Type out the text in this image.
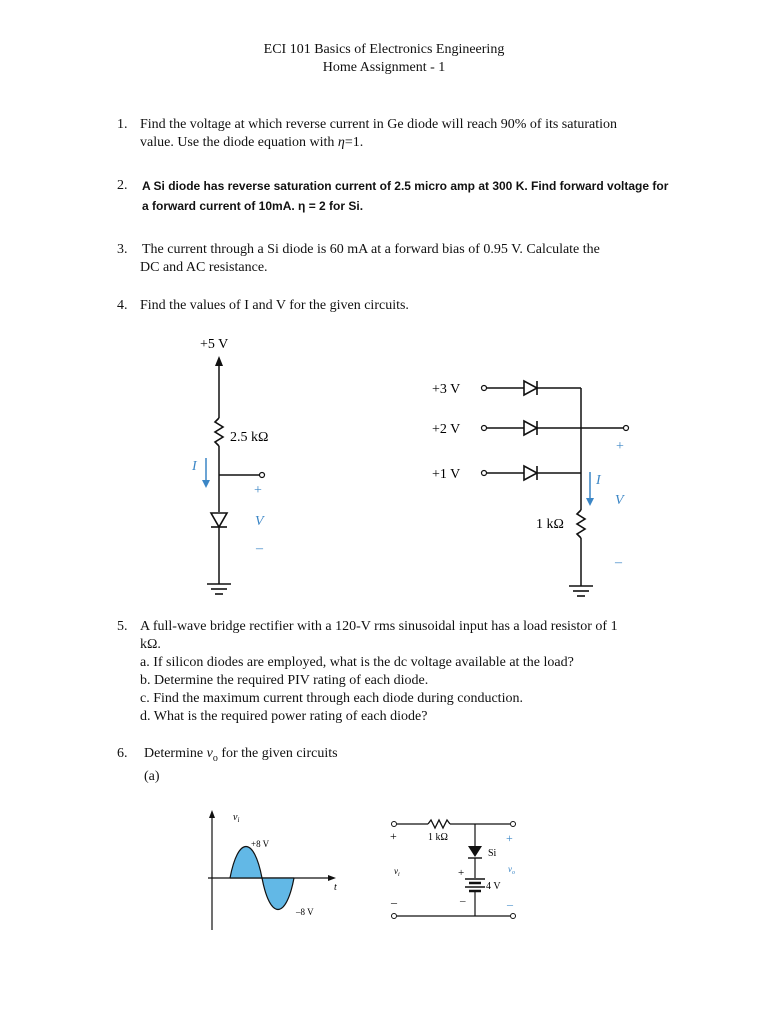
ECI 101 Basics of Electronics Engineering
Home Assignment - 1
1. Find the voltage at which reverse current in Ge diode will reach 90% of its saturation
value. Use the diode equation with η=1.
2. A Si diode has reverse saturation current of 2.5 micro amp at 300 K. Find forward voltage for
a forward current of 10mA. η = 2 for Si.
3. The current through a Si diode is 60 mA at a forward bias of 0.95 V. Calculate the
DC and AC resistance.
4. Find the values of I and V for the given circuits.
+5 V
2.5 kΩ
I
+
V
–
+3 V
+2 V
+1 V
+
I
V
–
1 kΩ
5. A full-wave bridge rectifier with a 120-V rms sinusoidal input has a load resistor of 1
kΩ.
a. If silicon diodes are employed, what is the dc voltage available at the load?
b. Determine the required PIV rating of each diode.
c. Find the maximum current through each diode during conduction.
d. What is the required power rating of each diode?
6. Determine $v_o$ for the given circuits
(a)
$v_i$
t
+8 V
–8 V
1 kΩ
+	+
Si
+
4 V
–
$v_i$
–
$v_o$
–
